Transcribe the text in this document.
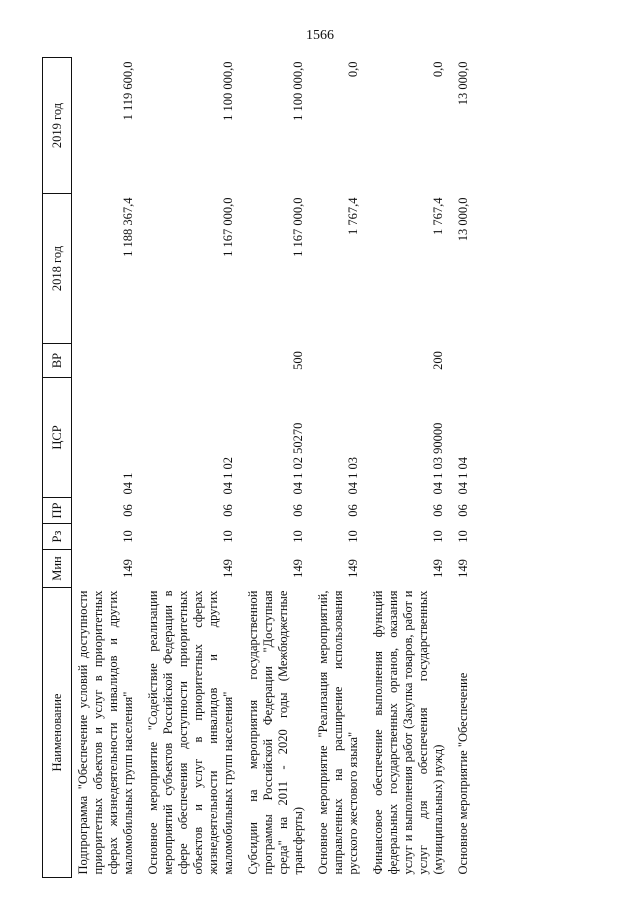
1566
Наименование	Мин	Рз	ПР	ЦСР	ВР	2018 год	2019 год
Подпрограмма "Обеспечение условий доступности приоритетных объектов и услуг в приоритетных сферах жизнедеятельности инвалидов и других маломобильных групп населения"	149	10	06	04 1		1 188 367,4	1 119 600,0
Основное мероприятие "Содействие реализации мероприятий субъектов Российской Федерации в сфере обеспечения доступности приоритетных объектов и услуг в приоритетных сферах жизнедеятельности инвалидов и других маломобильных групп населения"	149	10	06	04 1 02		1 167 000,0	1 100 000,0
Субсидии на мероприятия государственной программы Российской Федерации "Доступная среда" на 2011 - 2020 годы (Межбюджетные трансферты)	149	10	06	04 1 02 50270	500	1 167 000,0	1 100 000,0
Основное мероприятие "Реализация мероприятий, направленных на расширение использования русского жестового языка"	149	10	06	04 1 03		1 767,4	0,0
Финансовое обеспечение выполнения функций федеральных государственных органов, оказания услуг и выполнения работ (Закупка товаров, работ и услуг для обеспечения государственных (муниципальных) нужд)	149	10	06	04 1 03 90000	200	1 767,4	0,0
Основное мероприятие "Обеспечение	149	10	06	04 1 04		13 000,0	13 000,0
